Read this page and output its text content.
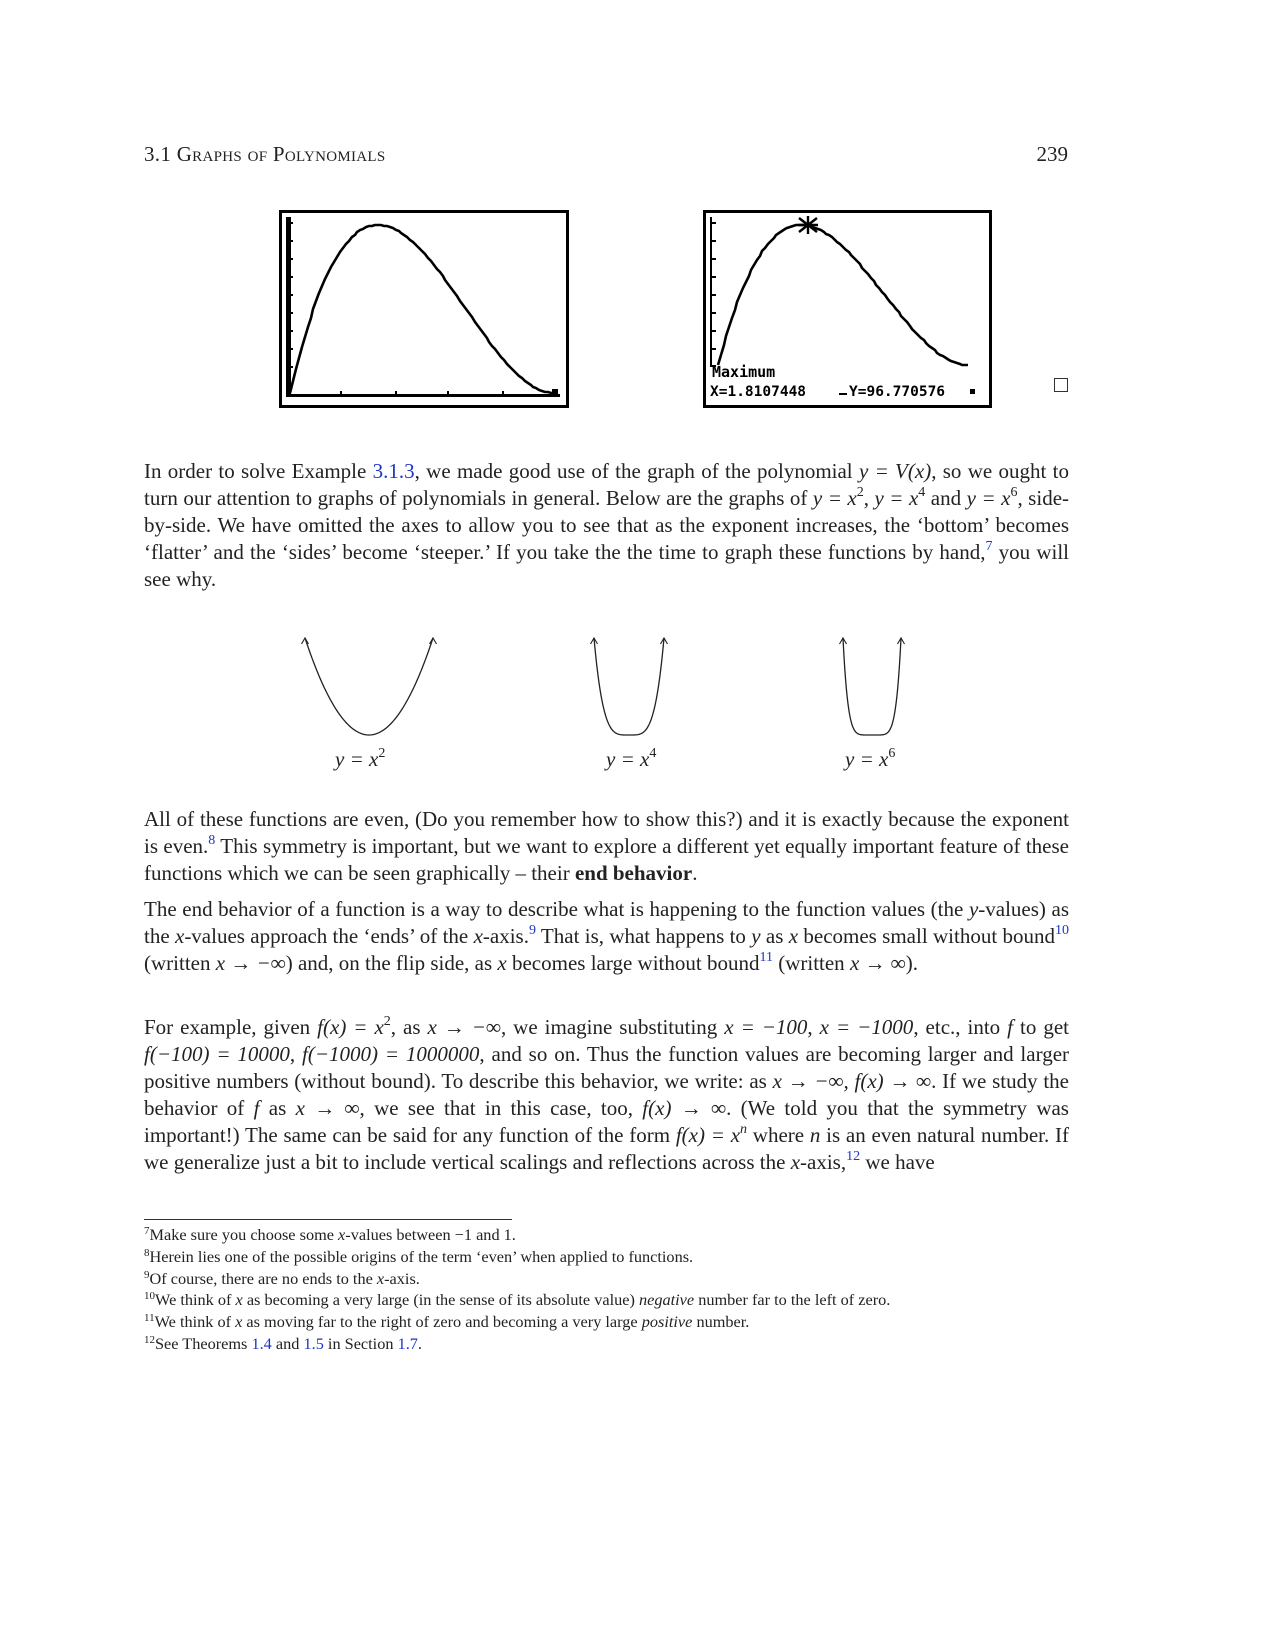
3.1 Graphs of Polynomials	239
Maximum
X=1.8107448	Y=96.770576
In order to solve Example 3.1.3, we made good use of the graph of the polynomial y = V(x), so we ought to turn our attention to graphs of polynomials in general. Below are the graphs of $y = x^2$, $y = x^4$ and $y = x^6$, side-by-side. We have omitted the axes to allow you to see that as the exponent increases, the ‘bottom’ becomes ‘flatter’ and the ‘sides’ become ‘steeper.’ If you take the the time to graph these functions by hand,$^7$ you will see why.
$y = x^2$	$y = x^4$	$y = x^6$
All of these functions are even, (Do you remember how to show this?) and it is exactly because the exponent is even.$^8$ This symmetry is important, but we want to explore a different yet equally important feature of these functions which we can be seen graphically – their end behavior.
The end behavior of a function is a way to describe what is happening to the function values (the y-values) as the x-values approach the ‘ends’ of the x-axis.$^9$ That is, what happens to y as x becomes small without bound$^{10}$ (written x → −∞) and, on the flip side, as x becomes large without bound$^{11}$ (written x → ∞).
For example, given $f(x) = x^2$, as x → −∞, we imagine substituting x = −100, x = −1000, etc., into f to get f(−100) = 10000, f(−1000) = 1000000, and so on. Thus the function values are becoming larger and larger positive numbers (without bound). To describe this behavior, we write: as x → −∞, f(x) → ∞. If we study the behavior of f as x → ∞, we see that in this case, too, f(x) → ∞. (We told you that the symmetry was important!) The same can be said for any function of the form $f(x) = x^n$ where n is an even natural number. If we generalize just a bit to include vertical scalings and reflections across the x-axis,$^{12}$ we have
$^7$Make sure you choose some x-values between −1 and 1.
$^8$Herein lies one of the possible origins of the term ‘even’ when applied to functions.
$^9$Of course, there are no ends to the x-axis.
$^{10}$We think of x as becoming a very large (in the sense of its absolute value) negative number far to the left of zero.
$^{11}$We think of x as moving far to the right of zero and becoming a very large positive number.
$^{12}$See Theorems 1.4 and 1.5 in Section 1.7.
